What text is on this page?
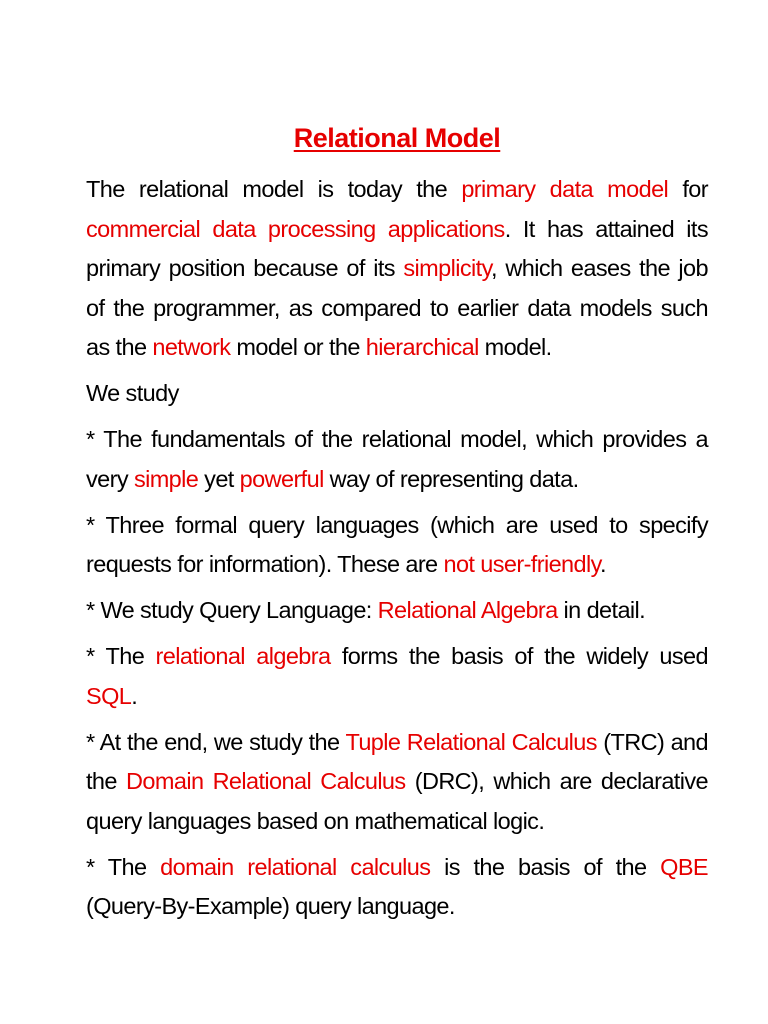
Relational Model

The relational model is today the primary data model for commercial data processing applications. It has attained its primary position because of its simplicity, which eases the job of the programmer, as compared to earlier data models such as the network model or the hierarchical model.

We study

* The fundamentals of the relational model, which provides a very simple yet powerful way of representing data.

* Three formal query languages (which are used to specify requests for information). These are not user-friendly.

* We study Query Language: Relational Algebra in detail.

* The relational algebra forms the basis of the widely used SQL.

* At the end, we study the Tuple Relational Calculus (TRC) and the Domain Relational Calculus (DRC), which are declarative query languages based on mathematical logic.

* The domain relational calculus is the basis of the QBE (Query-By-Example) query language.
